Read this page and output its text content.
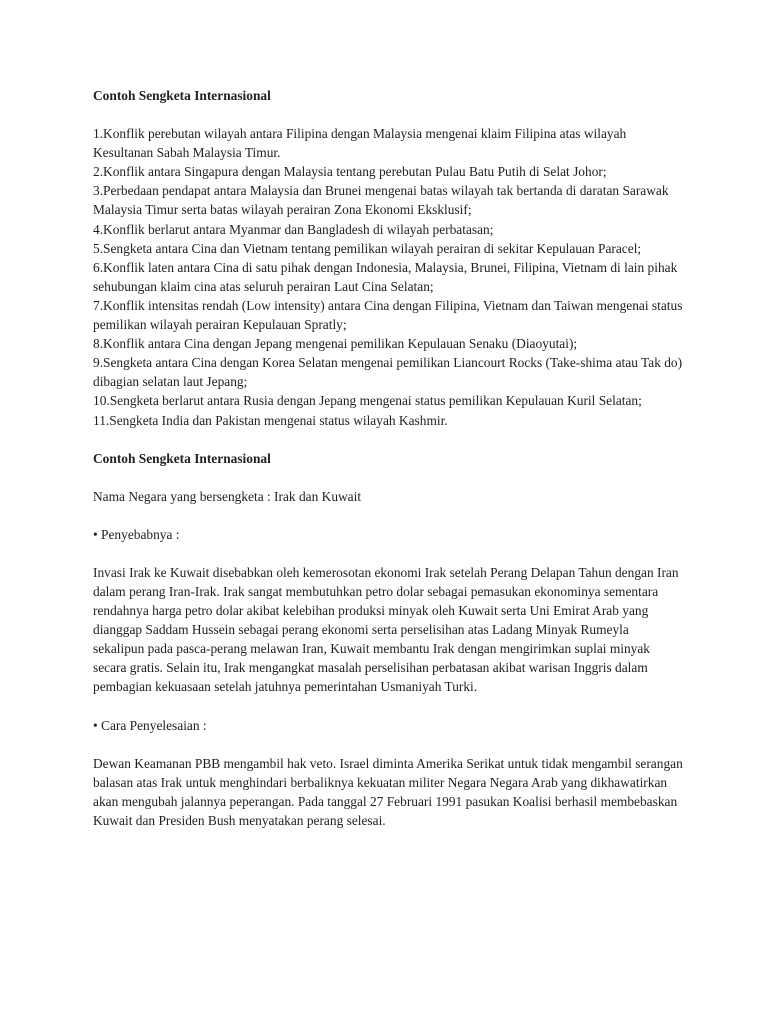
Contoh Sengketa Internasional

1.Konflik perebutan wilayah antara Filipina dengan Malaysia mengenai klaim Filipina atas wilayah Kesultanan Sabah Malaysia Timur.
2.Konflik antara Singapura dengan Malaysia tentang perebutan Pulau Batu Putih di Selat Johor;
3.Perbedaan pendapat antara Malaysia dan Brunei mengenai batas wilayah tak bertanda di daratan Sarawak Malaysia Timur serta batas wilayah perairan Zona Ekonomi Eksklusif;
4.Konflik berlarut antara Myanmar dan Bangladesh di wilayah perbatasan;
5.Sengketa antara Cina dan Vietnam tentang pemilikan wilayah perairan di sekitar Kepulauan Paracel;
6.Konflik laten antara Cina di satu pihak dengan Indonesia, Malaysia, Brunei, Filipina, Vietnam di lain pihak sehubungan klaim cina atas seluruh perairan Laut Cina Selatan;
7.Konflik intensitas rendah (Low intensity) antara Cina dengan Filipina, Vietnam dan Taiwan mengenai status pemilikan wilayah perairan Kepulauan Spratly;
8.Konflik antara Cina dengan Jepang mengenai pemilikan Kepulauan Senaku (Diaoyutai);
9.Sengketa antara Cina dengan Korea Selatan mengenai pemilikan Liancourt Rocks (Take-shima atau Tak do) dibagian selatan laut Jepang;
10.Sengketa berlarut antara Rusia dengan Jepang mengenai status pemilikan Kepulauan Kuril Selatan;
11.Sengketa India dan Pakistan mengenai status wilayah Kashmir.

Contoh Sengketa Internasional

Nama Negara yang bersengketa : Irak dan Kuwait

• Penyebabnya :

Invasi Irak ke Kuwait disebabkan oleh kemerosotan ekonomi Irak setelah Perang Delapan Tahun dengan Iran dalam perang Iran-Irak. Irak sangat membutuhkan petro dolar sebagai pemasukan ekonominya sementara rendahnya harga petro dolar akibat kelebihan produksi minyak oleh Kuwait serta Uni Emirat Arab yang dianggap Saddam Hussein sebagai perang ekonomi serta perselisihan atas Ladang Minyak Rumeyla sekalipun pada pasca-perang melawan Iran, Kuwait membantu Irak dengan mengirimkan suplai minyak secara gratis. Selain itu, Irak mengangkat masalah perselisihan perbatasan akibat warisan Inggris dalam pembagian kekuasaan setelah jatuhnya pemerintahan Usmaniyah Turki.

• Cara Penyelesaian :

Dewan Keamanan PBB mengambil hak veto. Israel diminta Amerika Serikat untuk tidak mengambil serangan balasan atas Irak untuk menghindari berbaliknya kekuatan militer Negara Negara Arab yang dikhawatirkan akan mengubah jalannya peperangan. Pada tanggal 27 Februari 1991 pasukan Koalisi berhasil membebaskan Kuwait dan Presiden Bush menyatakan perang selesai.
